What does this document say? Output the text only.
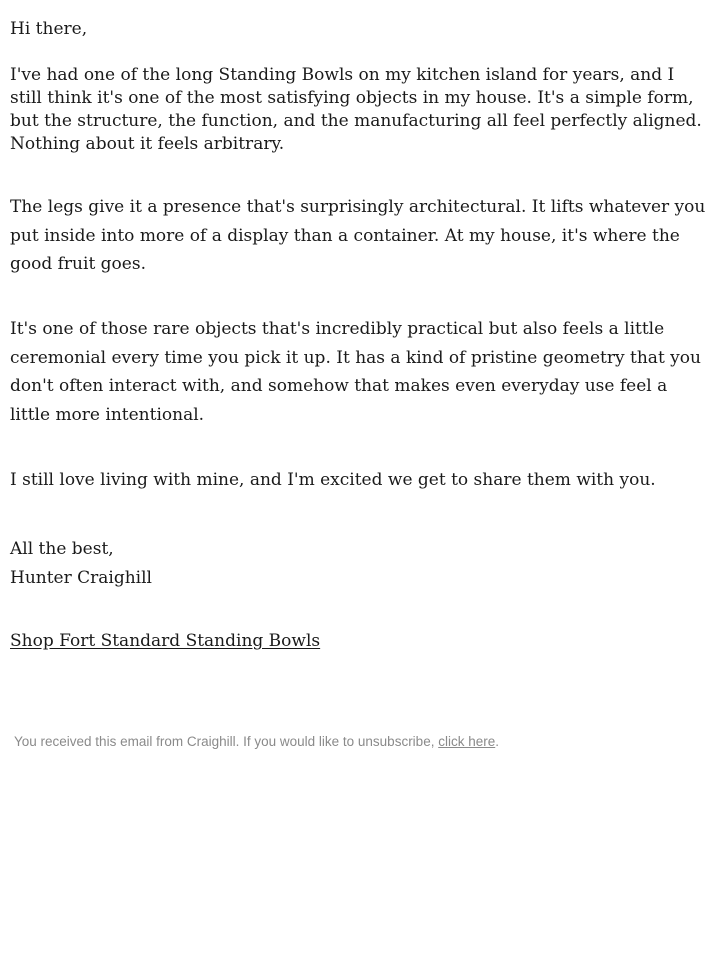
Hi there,

I've had one of the long Standing Bowls on my kitchen island for years, and I still think it's one of the most satisfying objects in my house. It's a simple form, but the structure, the function, and the manufacturing all feel perfectly aligned. Nothing about it feels arbitrary.

The legs give it a presence that's surprisingly architectural. It lifts whatever you put inside into more of a display than a container. At my house, it's where the good fruit goes.

It's one of those rare objects that's incredibly practical but also feels a little ceremonial every time you pick it up. It has a kind of pristine geometry that you don't often interact with, and somehow that makes even everyday use feel a little more intentional.

I still love living with mine, and I'm excited we get to share them with you.

All the best,
Hunter Craighill

Shop Fort Standard Standing Bowls
You received this email from Craighill. If you would like to unsubscribe, click here.
